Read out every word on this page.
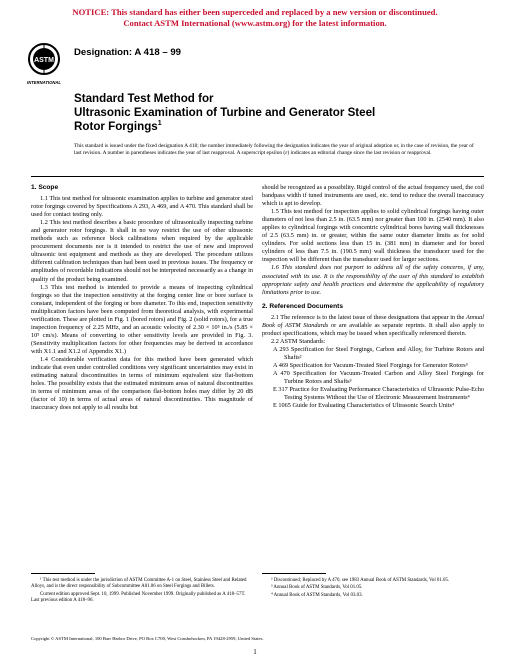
NOTICE: This standard has either been superceded and replaced by a new version or discontinued.
Contact ASTM International (www.astm.org) for the latest information.
ASTM
INTERNATIONAL
Designation: A 418 – 99
Standard Test Method for
Ultrasonic Examination of Turbine and Generator Steel
Rotor Forgings$^1$
This standard is issued under the fixed designation A 418; the number immediately following the designation indicates the year of original adoption or, in the case of revision, the year of last revision. A number in parentheses indicates the year of last reapproval. A superscript epsilon (ε) indicates an editorial change since the last revision or reapproval.
1. Scope

1.1 This test method for ultrasonic examination applies to turbine and generator steel rotor forgings covered by Specifications A 293, A 469, and A 470. This standard shall be used for contact testing only.

1.2 This test method describes a basic procedure of ultrasonically inspecting turbine and generator rotor forgings. It shall in no way restrict the use of other ultrasonic methods such as reference block calibrations when required by the applicable procurement documents nor is it intended to restrict the use of new and improved ultrasonic test equipment and methods as they are developed. The procedure utilizes different calibration techniques than had been used in previous issues. The frequency or amplitudes of recordable indications should not be interpreted necessarily as a change in quality of the product being examined.

1.3 This test method is intended to provide a means of inspecting cylindrical forgings so that the inspection sensitivity at the forging center line or bore surface is constant, independent of the forging or bore diameter. To this end, inspection sensitivity multiplication factors have been computed from theoretical analysis, with experimental verification. These are plotted in Fig. 1 (bored rotors) and Fig. 2 (solid rotors), for a true inspection frequency of 2.25 MHz, and an acoustic velocity of 2.30 × 10⁵ in./s (5.85 × 10⁵ cm/s). Means of converting to other sensitivity levels are provided in Fig. 3. (Sensitivity multiplication factors for other frequencies may be derived in accordance with X1.1 and X1.2 of Appendix X1.)

1.4 Considerable verification data for this method have been generated which indicate that even under controlled conditions very significant uncertainties may exist in estimating natural discontinuities in terms of minimum equivalent size flat-bottom holes. The possibility exists that the estimated minimum areas of natural discontinuities in terms of minimum areas of the comparison flat-bottom holes may differ by 20 dB (factor of 10) in terms of actual areas of natural discontinuities. This magnitude of inaccuracy does not apply to all results but

should be recognized as a possibility. Rigid control of the actual frequency used, the coil bandpass width if tuned instruments are used, etc. tend to reduce the overall inaccuracy which is apt to develop.

1.5 This test method for inspection applies to solid cylindrical forgings having outer diameters of not less than 2.5 in. (63.5 mm) nor greater than 100 in. (2540 mm). It also applies to cylindrical forgings with concentric cylindrical bores having wall thicknesses of 2.5 (63.5 mm) in. or greater, within the same outer diameter limits as for solid cylinders. For solid sections less than 15 in. (381 mm) in diameter and for bored cylinders of less than 7.5 in. (190.5 mm) wall thickness the transducer used for the inspection will be different than the transducer used for larger sections.

1.6 This standard does not purport to address all of the safety concerns, if any, associated with its use. It is the responsibility of the user of this standard to establish appropriate safety and health practices and determine the applicability of regulatory limitations prior to use.

2. Referenced Documents

2.1 The reference is to the latest issue of these designations that appear in the Annual Book of ASTM Standards or are available as separate reprints. It shall also apply to product specifications, which may be issued when specifically referenced therein.

2.2 ASTM Standards:

A 293 Specification for Steel Forgings, Carbon and Alloy, for Turbine Rotors and Shafts²

A 469 Specification for Vacuum-Treated Steel Forgings for Generator Rotors³

A 470 Specification for Vacuum-Treated Carbon and Alloy Steel Forgings for Turbine Rotors and Shafts³

E 317 Practice for Evaluating Performance Characteristics of Ultrasonic Pulse-Echo Testing Systems Without the Use of Electronic Measurement Instruments⁴

E 1065 Guide for Evaluating Characteristics of Ultrasonic Search Units⁴

¹ This test method is under the jurisdiction of ASTM Committee A-1 on Steel, Stainless Steel and Related Alloys, and is the direct responsibility of Subcommittee A01.06 on Steel Forgings and Billets.

Current edition approved Sept. 10, 1999. Published November 1999. Originally published as A 418–57T. Last previous edition A 418–96.

² Discontinued; Replaced by A 470, see 1983 Annual Book of ASTM Standards, Vol 01.05.

³ Annual Book of ASTM Standards, Vol 01.05.

⁴ Annual Book of ASTM Standards, Vol 03.03.

Copyright © ASTM International, 100 Barr Harbor Drive, PO Box C700, West Conshohocken, PA 19428-2959, United States.
1
